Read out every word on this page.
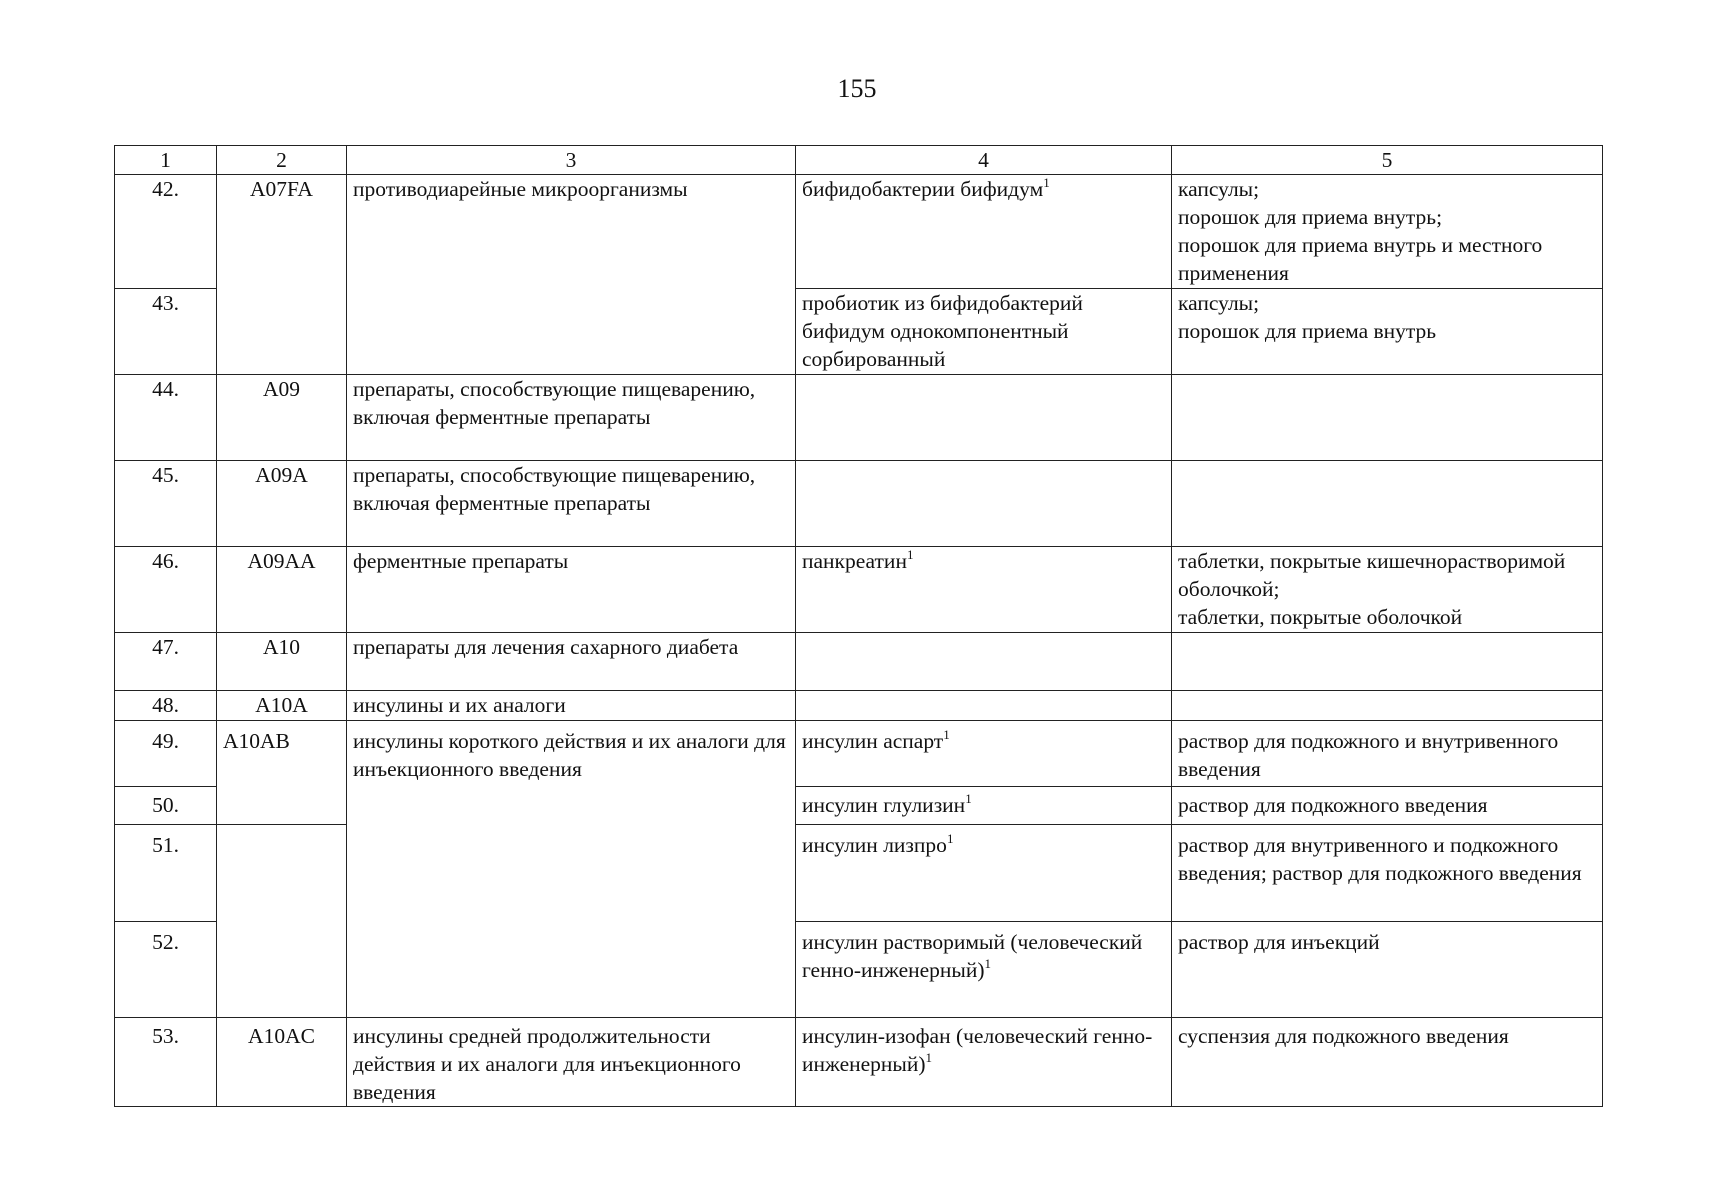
155
1	2	3	4	5
42.	A07FA	противодиарейные микроорганизмы	бифидобактерии бифидум$^1$	капсулы;
порошок для приема внутрь;
порошок для приема внутрь и местного применения

43.			пробиотик из бифидобактерий бифидум однокомпонентный сорбированный	капсулы;
порошок для приема внутрь

44.	A09	препараты, способствующие пищеварению, включая ферментные препараты		
45.	A09A	препараты, способствующие пищеварению, включая ферментные препараты		
46.	A09AA	ферментные препараты	панкреатин$^1$	таблетки, покрытые кишечнорастворимой оболочкой;
таблетки, покрытые оболочкой

47.	A10	препараты для лечения сахарного диабета		
48.	A10A	инсулины и их аналоги		
49.	A10AB	инсулины короткого действия и их аналоги для инъекционного введения	инсулин аспарт$^1$	раствор для подкожного и внутривенного введения

50.			инсулин глулизин$^1$	раствор для подкожного введения

51.			инсулин лизпро$^1$	раствор для внутривенного и подкожного введения; раствор для подкожного введения

52.			инсулин растворимый (человеческий генно-инженерный)$^1$	раствор для инъекций

53.	A10AC	инсулины средней продолжительности действия и их аналоги для инъекционного введения	инсулин-изофан (человеческий генно-инженерный)$^1$	суспензия для подкожного введения
